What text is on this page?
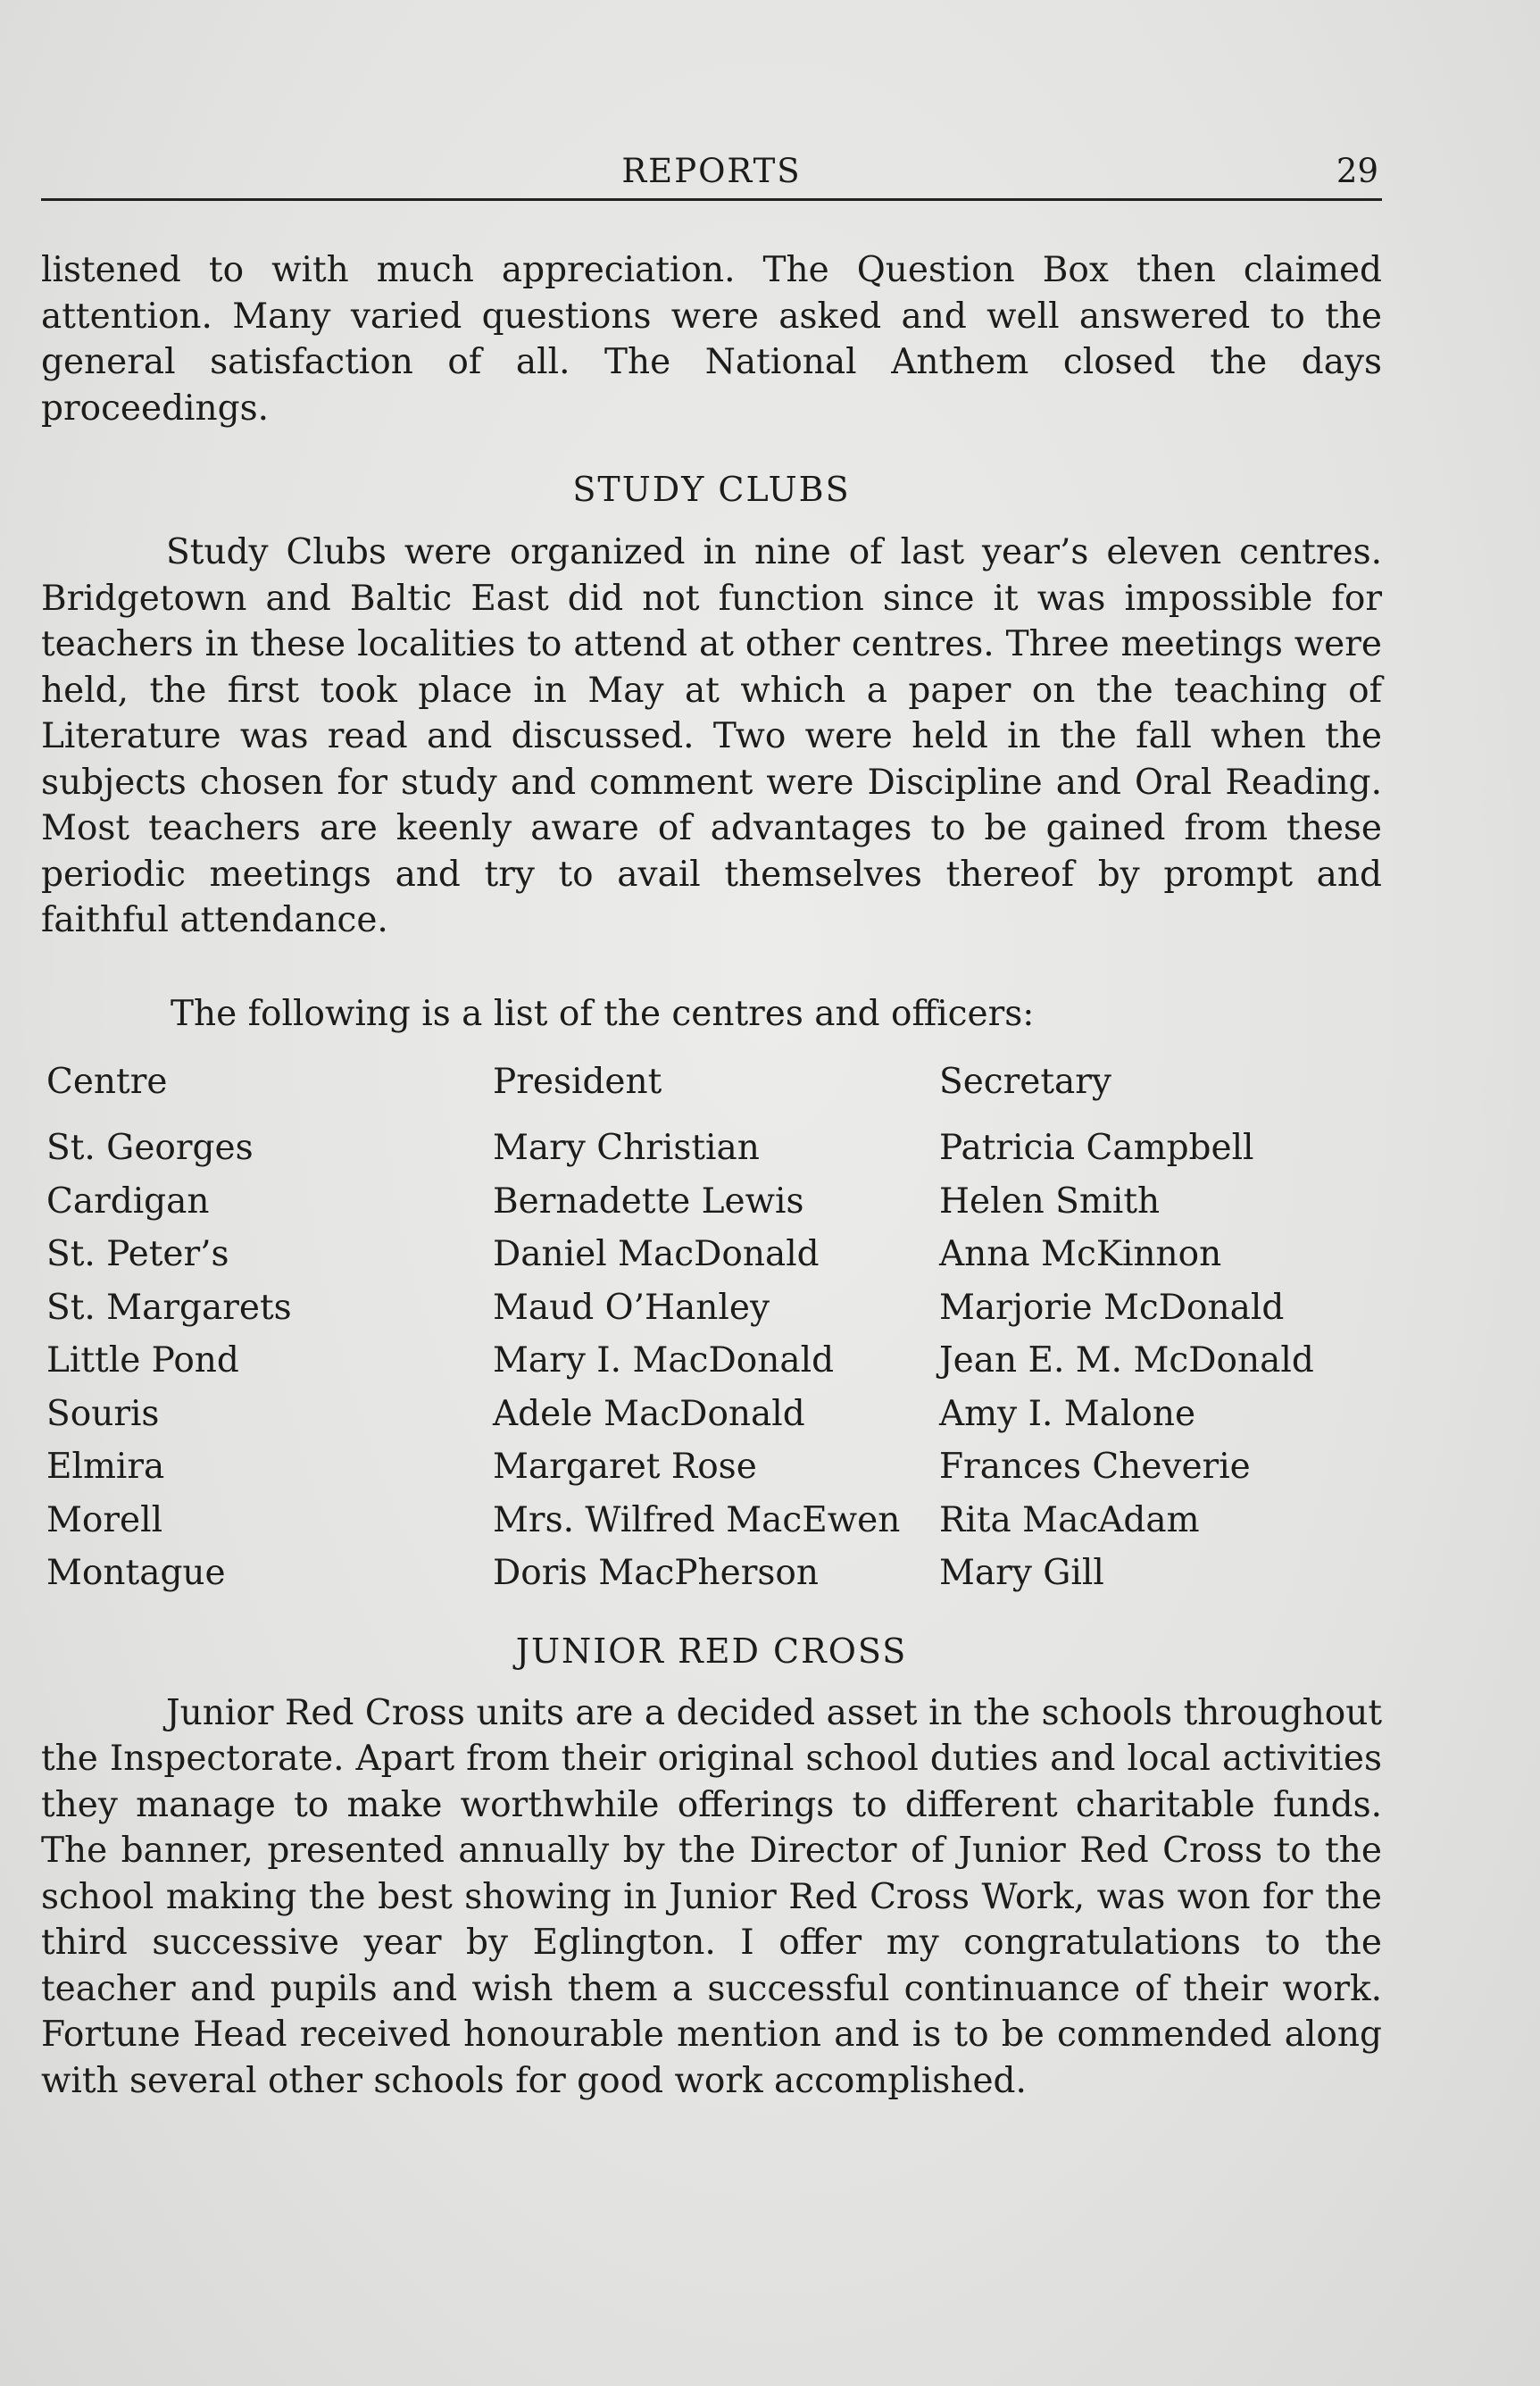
REPORTS	29

listened to with much appreciation. The Question Box then claimed attention. Many varied questions were asked and well answered to the general satisfaction of all. The National Anthem closed the days proceedings.

STUDY CLUBS

Study Clubs were organized in nine of last year’s eleven centres. Bridgetown and Baltic East did not function since it was impossible for teachers in these localities to attend at other centres. Three meetings were held, the first took place in May at which a paper on the teaching of Literature was read and discussed. Two were held in the fall when the subjects chosen for study and comment were Discipline and Oral Reading. Most teachers are keenly aware of advantages to be gained from these periodic meetings and try to avail themselves thereof by prompt and faithful attendance.

The following is a list of the centres and officers:

Centre	President	Secretary
St. Georges	Mary Christian	Patricia Campbell
Cardigan	Bernadette Lewis	Helen Smith
St. Peter’s	Daniel MacDonald	Anna McKinnon
St. Margarets	Maud O’Hanley	Marjorie McDonald
Little Pond	Mary I. MacDonald	Jean E. M. McDonald
Souris	Adele MacDonald	Amy I. Malone
Elmira	Margaret Rose	Frances Cheverie
Morell	Mrs. Wilfred MacEwen	Rita MacAdam
Montague	Doris MacPherson	Mary Gill
JUNIOR RED CROSS

Junior Red Cross units are a decided asset in the schools throughout the Inspectorate. Apart from their original school duties and local activities they manage to make worthwhile offerings to different charitable funds. The banner, presented annually by the Director of Junior Red Cross to the school making the best showing in Junior Red Cross Work, was won for the third successive year by Eglington. I offer my congratulations to the teacher and pupils and wish them a successful continuance of their work. Fortune Head received honourable mention and is to be commended along with several other schools for good work accomplished.
